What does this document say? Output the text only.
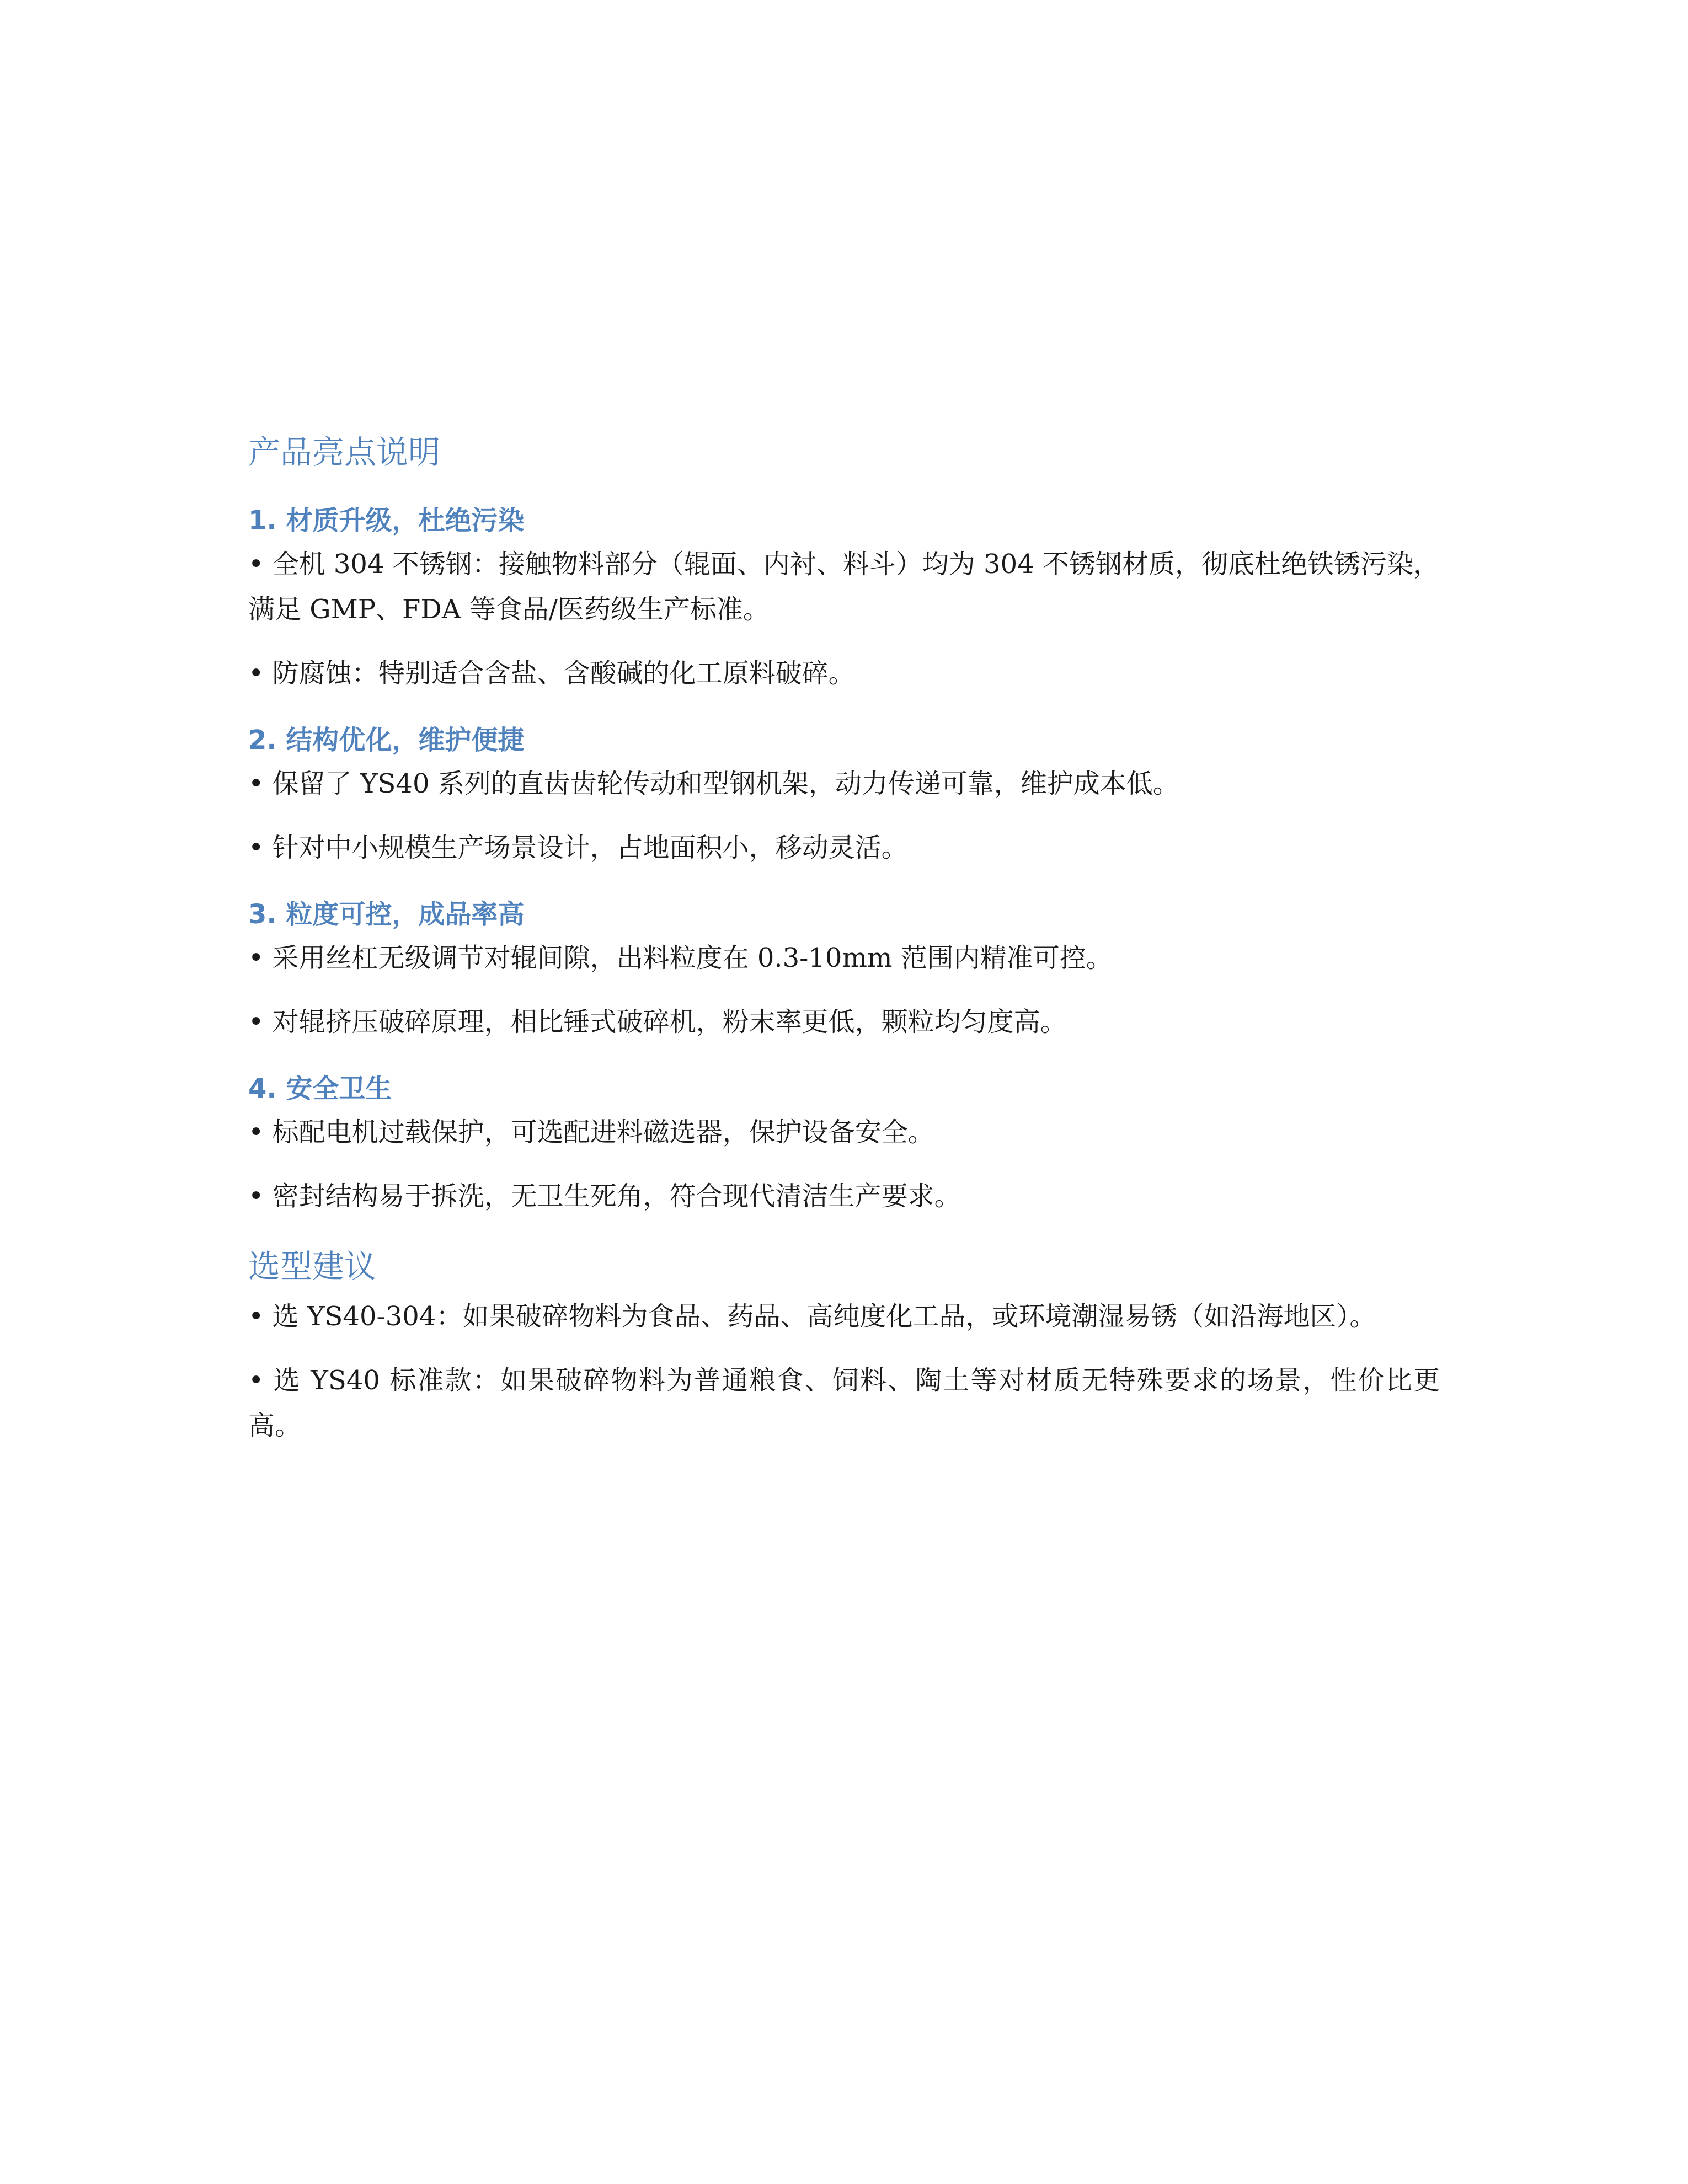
产品亮点说明
1. 材质升级，杜绝污染

• 全机 304 不锈钢：接触物料部分（辊面、内衬、料斗）均为 304 不锈钢材质，彻底杜绝铁锈污染，满足 GMP、FDA 等食品/医药级生产标准。

• 防腐蚀：特别适合含盐、含酸碱的化工原料破碎。

2. 结构优化，维护便捷

• 保留了 YS40 系列的直齿齿轮传动和型钢机架，动力传递可靠，维护成本低。

• 针对中小规模生产场景设计，占地面积小，移动灵活。

3. 粒度可控，成品率高

• 采用丝杠无级调节对辊间隙，出料粒度在 0.3-10mm 范围内精准可控。

• 对辊挤压破碎原理，相比锤式破碎机，粉末率更低，颗粒均匀度高。

4. 安全卫生

• 标配电机过载保护，可选配进料磁选器，保护设备安全。

• 密封结构易于拆洗，无卫生死角，符合现代清洁生产要求。

选型建议

• 选 YS40-304：如果破碎物料为食品、药品、高纯度化工品，或环境潮湿易锈（如沿海地区）。

• 选 YS40 标准款：如果破碎物料为普通粮食、饲料、陶土等对材质无特殊要求的场景，性价比更高。
